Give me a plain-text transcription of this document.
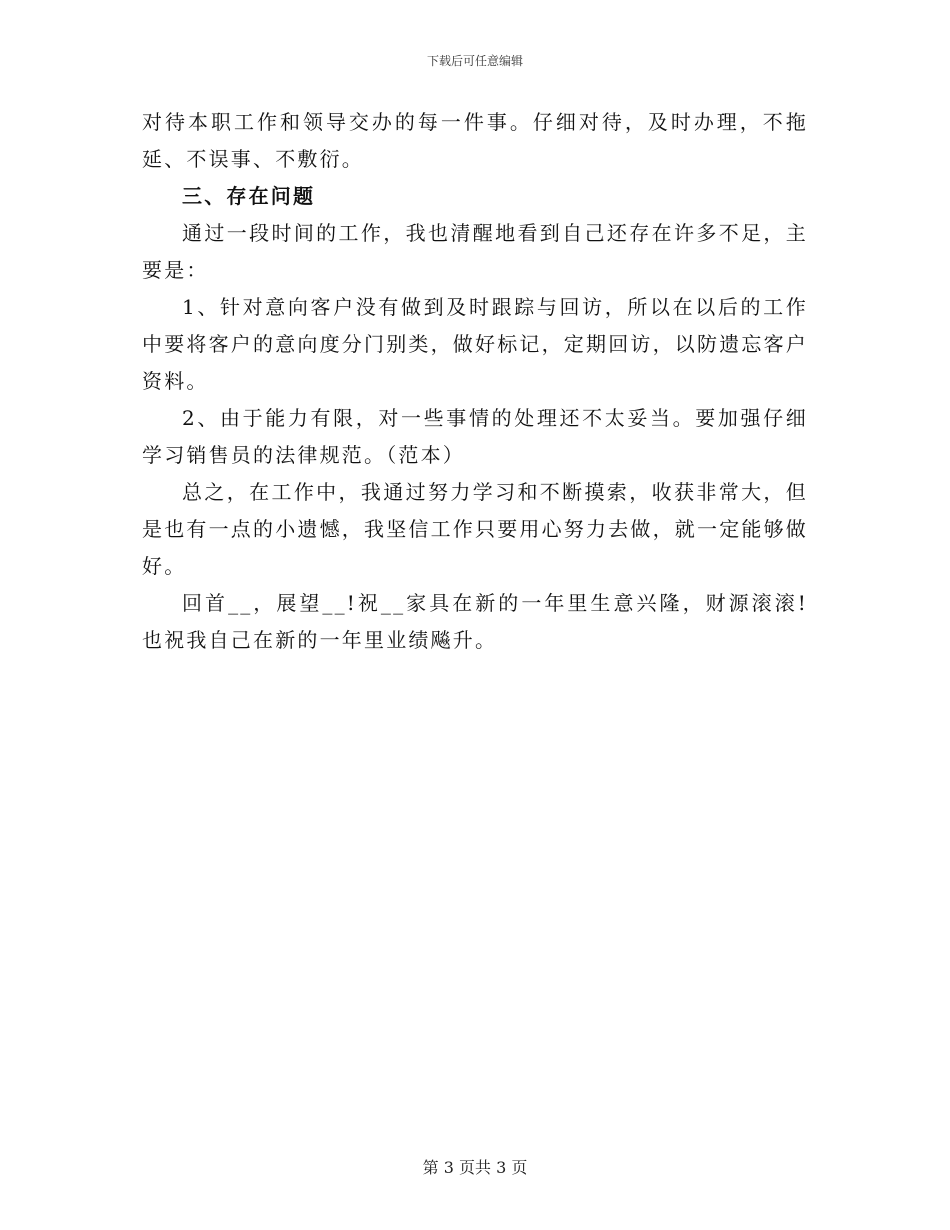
下载后可任意编辑

对待本职工作和领导交办的每一件事。仔细对待，及时办理，不拖延、不误事、不敷衍。

三、存在问题

通过一段时间的工作，我也清醒地看到自己还存在许多不足，主要是：

1、针对意向客户没有做到及时跟踪与回访，所以在以后的工作中要将客户的意向度分门别类，做好标记，定期回访，以防遗忘客户资料。

2、由于能力有限，对一些事情的处理还不太妥当。要加强仔细学习销售员的法律规范。（范本）

总之，在工作中，我通过努力学习和不断摸索，收获非常大，但是也有一点的小遗憾，我坚信工作只要用心努力去做，就一定能够做好。

回首__，展望__!祝__家具在新的一年里生意兴隆，财源滚滚!也祝我自己在新的一年里业绩飚升。

第 3 页共 3 页
